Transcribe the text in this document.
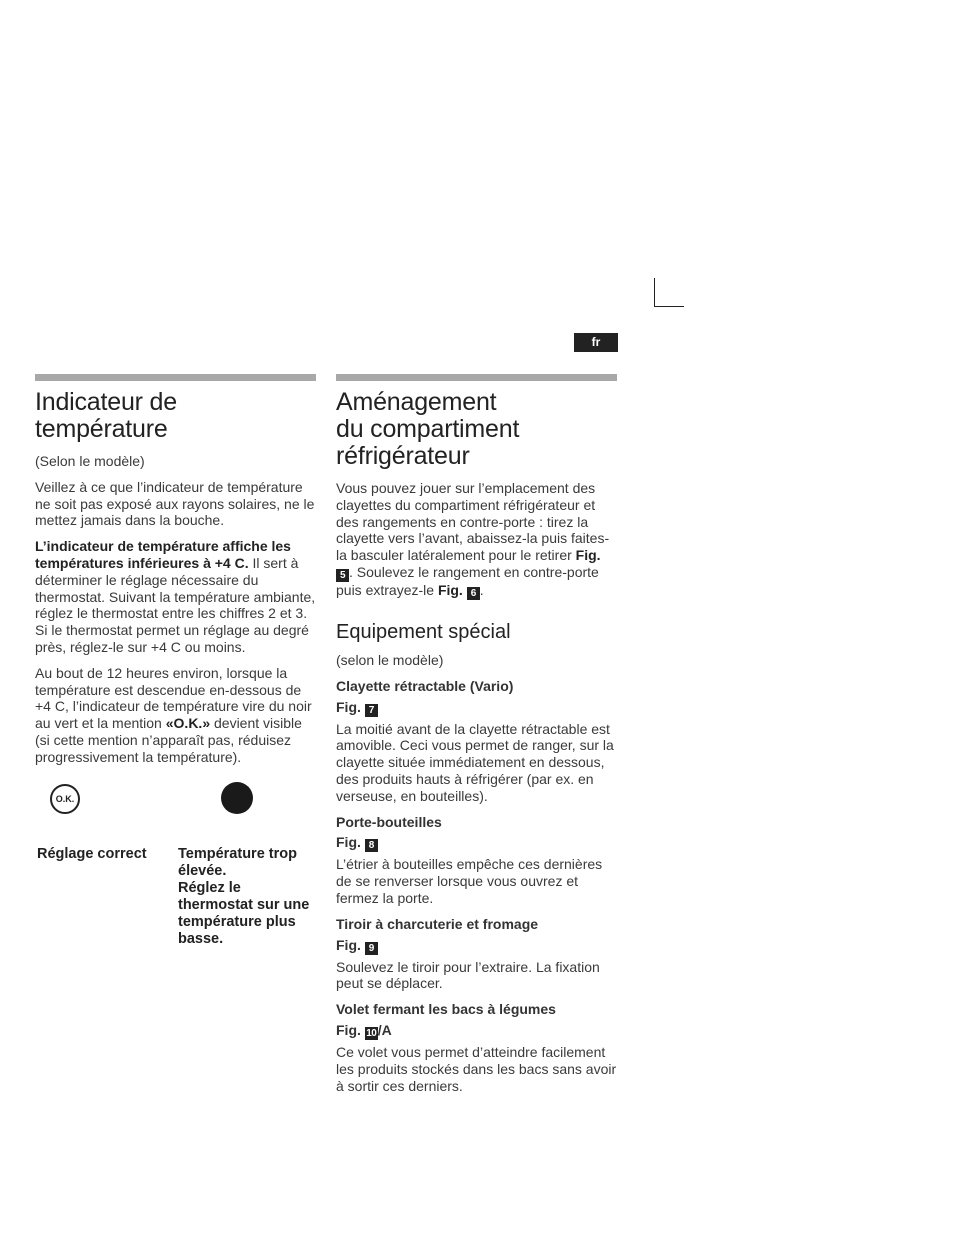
fr
Indicateur de
température

(Selon le modèle)

Veillez à ce que l’indicateur de température ne soit pas exposé aux rayons solaires, ne le mettez jamais dans la bouche.

L’indicateur de température affiche les températures inférieures à +4 C. Il sert à déterminer le réglage nécessaire du thermostat. Suivant la température ambiante, réglez le thermostat entre les chiffres 2 et 3. Si le thermostat permet un réglage au degré près, réglez-le sur +4 C ou moins.

Au bout de 12 heures environ, lorsque la température est descendue en-dessous de +4 C, l’indicateur de température vire du noir au vert et la mention «O.K.» devient visible (si cette mention n’apparaît pas, réduisez progressivement la température).

O.K.
Réglage correct	Température trop élevée.
Réglez le thermostat sur une température plus basse.
Aménagement
du compartiment
réfrigérateur

Vous pouvez jouer sur l’emplacement des clayettes du compartiment réfrigérateur et des rangements en contre-porte : tirez la clayette vers l’avant, abaissez-la puis faites-la basculer latéralement pour le retirer Fig. 5 . Soulevez le rangement en contre-porte puis extrayez-le Fig. 6 .

Equipement spécial

(selon le modèle)

Clayette rétractable (Vario)
Fig. 7

La moitié avant de la clayette rétractable est amovible. Ceci vous permet de ranger, sur la clayette située immédiatement en dessous, des produits hauts à réfrigérer (par ex. en verseuse, en bouteilles).

Porte-bouteilles
Fig. 8

L’étrier à bouteilles empêche ces dernières de se renverser lorsque vous ouvrez et fermez la porte.

Tiroir à charcuterie et fromage
Fig. 9

Soulevez le tiroir pour l’extraire. La fixation peut se déplacer.

Volet fermant les bacs à légumes
Fig. 10/A

Ce volet vous permet d’atteindre facilement les produits stockés dans les bacs sans avoir à sortir ces derniers.
